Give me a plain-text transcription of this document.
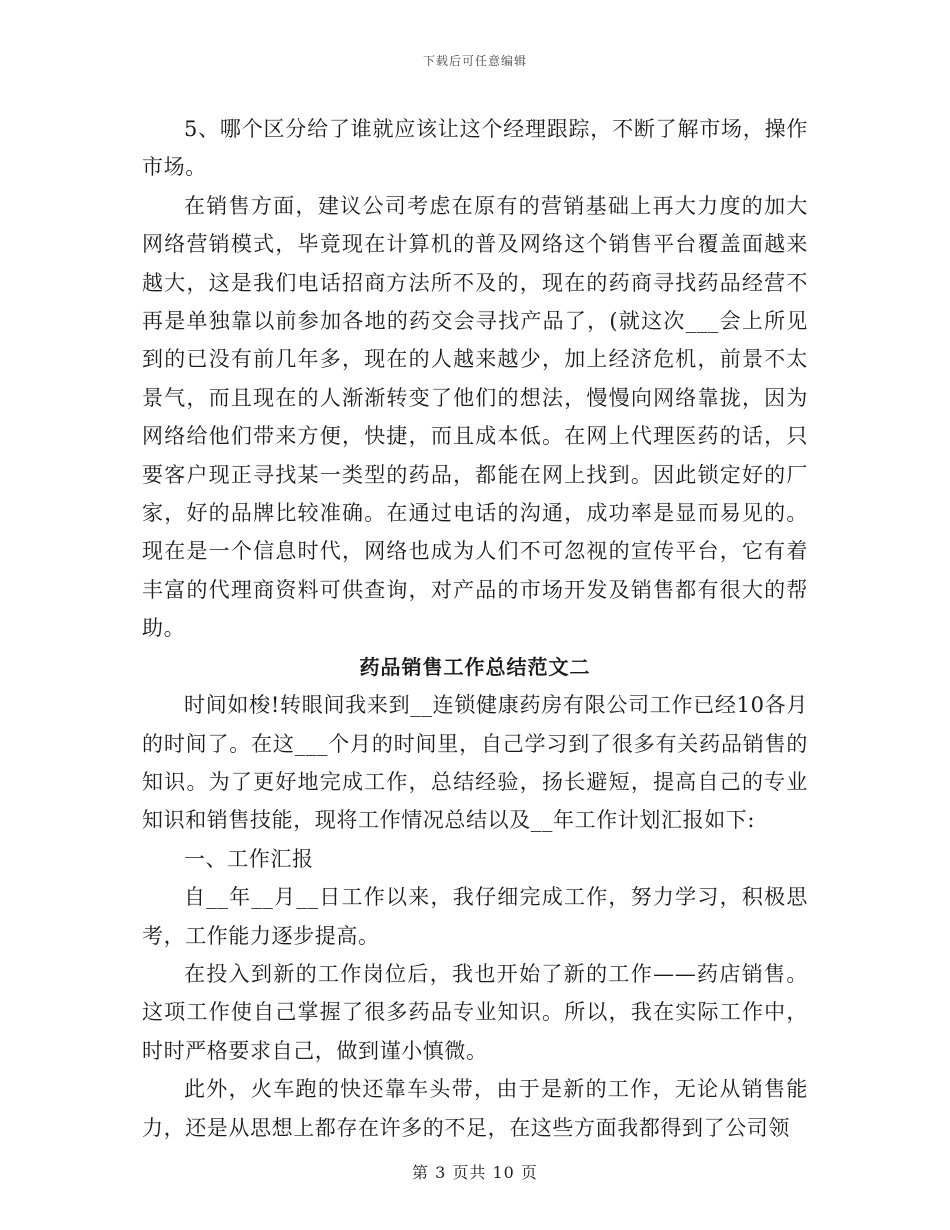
下载后可任意编辑

5、哪个区分给了谁就应该让这个经理跟踪，不断了解市场，操作市场。

在销售方面，建议公司考虑在原有的营销基础上再大力度的加大网络营销模式，毕竟现在计算机的普及网络这个销售平台覆盖面越来越大，这是我们电话招商方法所不及的，现在的药商寻找药品经营不再是单独靠以前参加各地的药交会寻找产品了，(就这次___会上所见到的已没有前几年多，现在的人越来越少，加上经济危机，前景不太景气，而且现在的人渐渐转变了他们的想法，慢慢向网络靠拢，因为网络给他们带来方便，快捷，而且成本低。在网上代理医药的话，只要客户现正寻找某一类型的药品，都能在网上找到。因此锁定好的厂家，好的品牌比较准确。在通过电话的沟通，成功率是显而易见的。现在是一个信息时代，网络也成为人们不可忽视的宣传平台，它有着丰富的代理商资料可供查询，对产品的市场开发及销售都有很大的帮助。

药品销售工作总结范文二

时间如梭!转眼间我来到__连锁健康药房有限公司工作已经10各月的时间了。在这___个月的时间里，自己学习到了很多有关药品销售的知识。为了更好地完成工作，总结经验，扬长避短，提高自己的专业知识和销售技能，现将工作情况总结以及__年工作计划汇报如下:

一、工作汇报

自__年__月__日工作以来，我仔细完成工作，努力学习，积极思考，工作能力逐步提高。

在投入到新的工作岗位后，我也开始了新的工作——药店销售。这项工作使自己掌握了很多药品专业知识。所以，我在实际工作中，时时严格要求自己，做到谨小慎微。

此外，火车跑的快还靠车头带，由于是新的工作，无论从销售能力，还是从思想上都存在许多的不足，在这些方面我都得到了公司领

第 3 页共 10 页
